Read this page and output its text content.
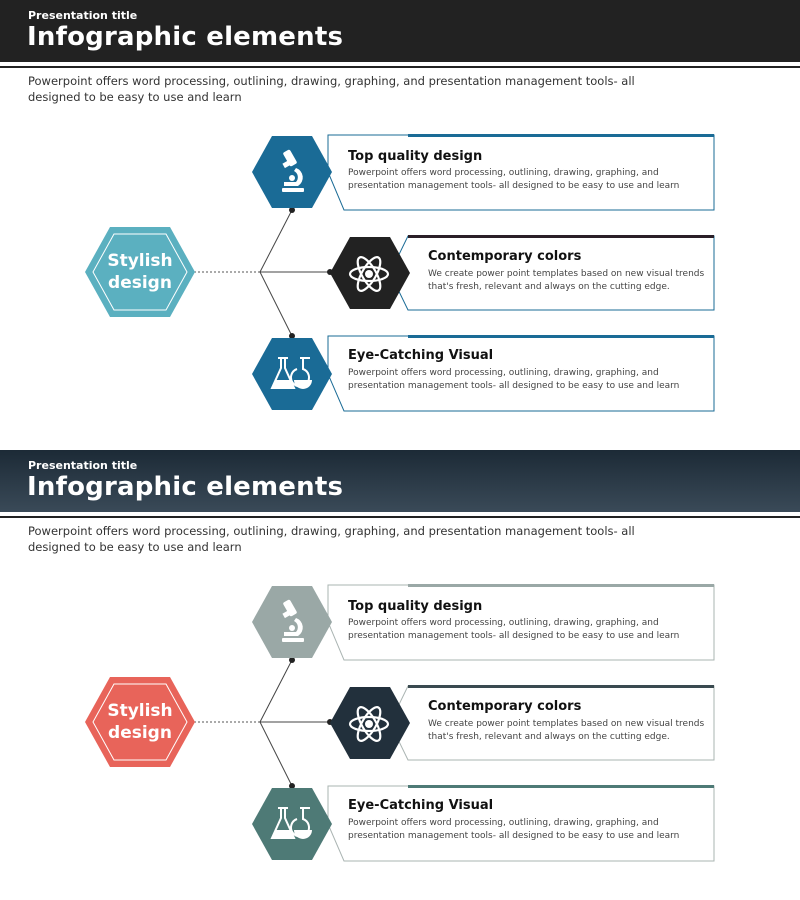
Presentation title
Infographic elements
Powerpoint offers word processing, outlining, drawing, graphing, and presentation management tools- all designed to be easy to use and learn
Stylish
design
Top quality design
Powerpoint offers word processing, outlining, drawing, graphing, and presentation management tools- all designed to be easy to use and learn
Contemporary colors
We create power point templates based on new visual trends that's fresh, relevant and always on the cutting edge.
Eye-Catching Visual
Powerpoint offers word processing, outlining, drawing, graphing, and presentation management tools- all designed to be easy to use and learn
Presentation title
Infographic elements
Powerpoint offers word processing, outlining, drawing, graphing, and presentation management tools- all designed to be easy to use and learn
Stylish
design
Top quality design
Powerpoint offers word processing, outlining, drawing, graphing, and presentation management tools- all designed to be easy to use and learn
Contemporary colors
We create power point templates based on new visual trends that's fresh, relevant and always on the cutting edge.
Eye-Catching Visual
Powerpoint offers word processing, outlining, drawing, graphing, and presentation management tools- all designed to be easy to use and learn
